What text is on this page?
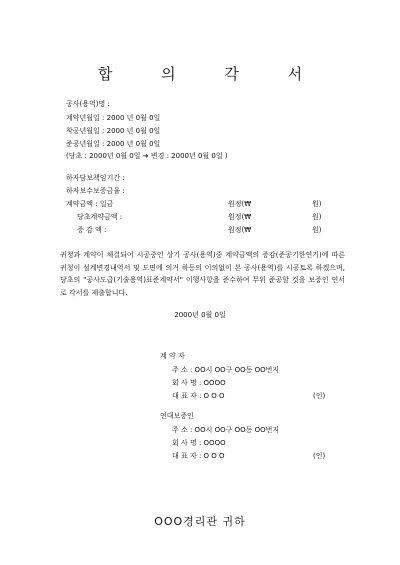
합 의 각 서
공사(용역)명 :
계약년월일 : 2000 년 0월 0일
착공년월일 : 2000 년 0월 0일
준공년월일 : 2000 년 0월 0일
(당초 : 2000년 0월 0일 ➔ 변경 : 2000년 0월 0일 )
하자담보책임기간 :
하자보수보증금율 :
계약금액 : 일금	원정(₩	원)
당초계약금액 :	원정(₩	원)
증 감 액 :	원정(₩	원)
귀청과 계약이 체결되어 시공중인 상기 공사(용역)중 계약금액의 증감(준공기한연기)에 따른 귀청이 설계변경내역서 및 도면에 의거 하등의 이의없이 본 공사(용역)를 시공토록 하겠으며, 당초의 "공사도급(기술용역)표준계약서" 이행사항을 준수하여 무위 준공할 것을 보증인 연서로 각서를 제출합니다.
2000년 0월 0일
계 약 자
주 소 : OO시 OO구 OO동 OO번지
회 사 명 : OOOO
대 표 자 : O O O	(인)
연대보증인
주 소 : OO시 OO구 OO동 OO번지
회 사 명 : OOOO
대 표 자 : O O O	(인)
OOO경리관 귀하
